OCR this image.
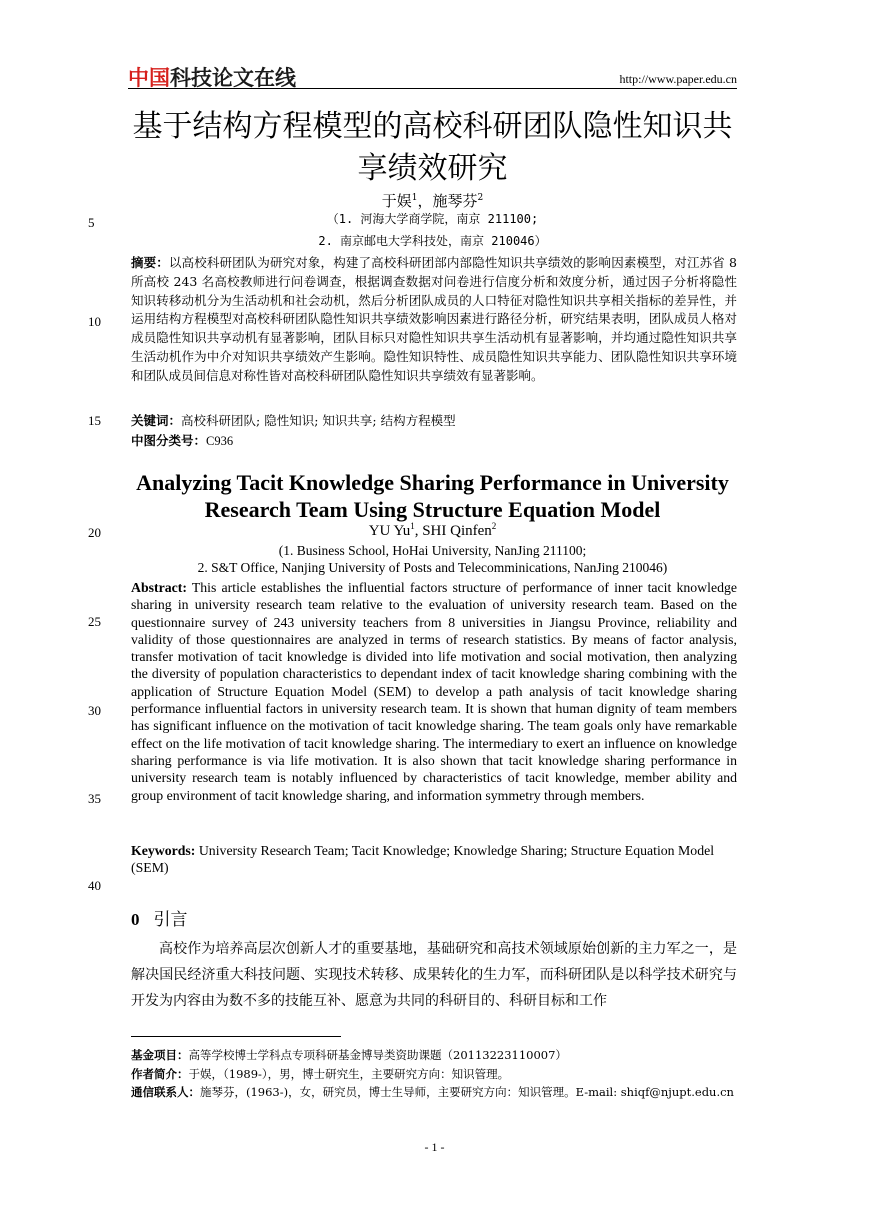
中国科技论文在线	http://www.paper.edu.cn
基于结构方程模型的高校科研团队隐性知识共享绩效研究
于娱$^1$，施琴芬$^2$
（1. 河海大学商学院，南京 211100;
2. 南京邮电大学科技处，南京 210046）
5
10
15
20
25
30
35
40
摘要：以高校科研团队为研究对象，构建了高校科研团部内部隐性知识共享绩效的影响因素模型，对江苏省 8 所高校 243 名高校教师进行问卷调查，根据调查数据对问卷进行信度分析和效度分析，通过因子分析将隐性知识转移动机分为生活动机和社会动机，然后分析团队成员的人口特征对隐性知识共享相关指标的差异性，并运用结构方程模型对高校科研团队隐性知识共享绩效影响因素进行路径分析，研究结果表明，团队成员人格对成员隐性知识共享动机有显著影响，团队目标只对隐性知识共享生活动机有显著影响，并均通过隐性知识共享生活动机作为中介对知识共享绩效产生影响。隐性知识特性、成员隐性知识共享能力、团队隐性知识共享环境和团队成员间信息对称性皆对高校科研团队隐性知识共享绩效有显著影响。
关键词：高校科研团队; 隐性知识; 知识共享; 结构方程模型
中图分类号：C936
Analyzing Tacit Knowledge Sharing Performance in University Research Team Using Structure Equation Model
YU Yu$^1$, SHI Qinfen$^2$
(1. Business School, HoHai University, NanJing 211100;
2. S&T Office, Nanjing University of Posts and Telecomminications, NanJing 210046)
Abstract: This article establishes the influential factors structure of performance of inner tacit knowledge sharing in university research team relative to the evaluation of university research team. Based on the questionnaire survey of 243 university teachers from 8 universities in Jiangsu Province, reliability and validity of those questionnaires are analyzed in terms of research statistics. By means of factor analysis, transfer motivation of tacit knowledge is divided into life motivation and social motivation, then analyzing the diversity of population characteristics to dependant index of tacit knowledge sharing combining with the application of Structure Equation Model (SEM) to develop a path analysis of tacit knowledge sharing performance influential factors in university research team. It is shown that human dignity of team members has significant influence on the motivation of tacit knowledge sharing. The team goals only have remarkable effect on the life motivation of tacit knowledge sharing. The intermediary to exert an influence on knowledge sharing performance is via life motivation. It is also shown that tacit knowledge sharing performance in university research team is notably influenced by characteristics of tacit knowledge, member ability and group environment of tacit knowledge sharing, and information symmetry through members.
Keywords: University Research Team; Tacit Knowledge; Knowledge Sharing; Structure Equation Model (SEM)
0 引言
高校作为培养高层次创新人才的重要基地，基础研究和高技术领域原始创新的主力军之一，是解决国民经济重大科技问题、实现技术转移、成果转化的生力军，而科研团队是以科学技术研究与开发为内容由为数不多的技能互补、愿意为共同的科研目的、科研目标和工作
基金项目：高等学校博士学科点专项科研基金博导类资助课题（20113223110007）
作者简介：于娱，（1989-），男，博士研究生，主要研究方向：知识管理。
通信联系人：施琴芬，(1963-)，女，研究员，博士生导师，主要研究方向：知识管理。E-mail: shiqf@njupt.edu.cn
- 1 -
